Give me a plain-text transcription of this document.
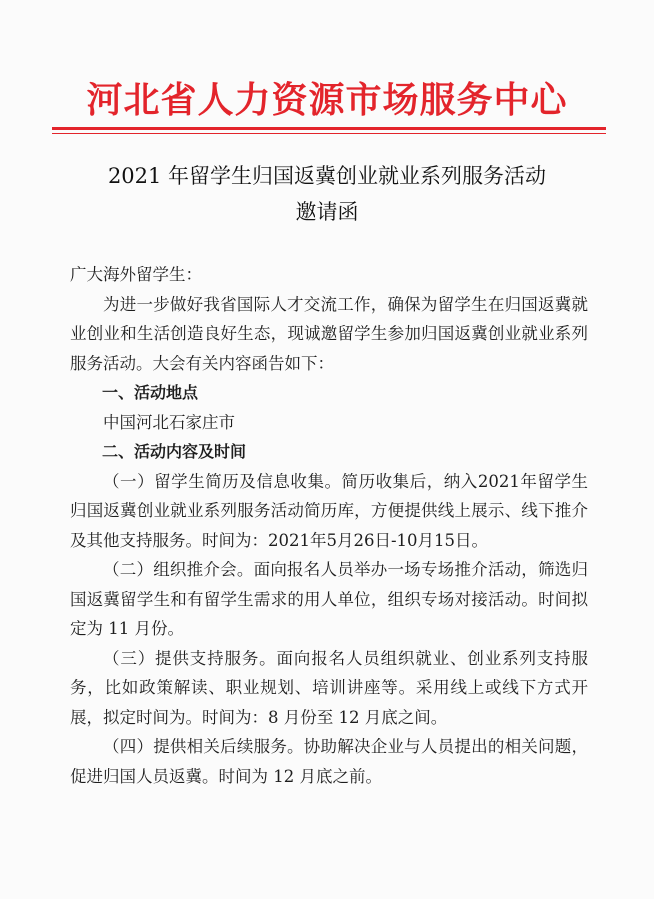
河北省人力资源市场服务中心
2021 年留学生归国返冀创业就业系列服务活动
邀请函

广大海外留学生：

为进一步做好我省国际人才交流工作，确保为留学生在归国返冀就业创业和生活创造良好生态，现诚邀留学生参加归国返冀创业就业系列服务活动。大会有关内容函告如下：

一、活动地点

中国河北石家庄市

二、活动内容及时间

（一）留学生简历及信息收集。简历收集后，纳入2021年留学生归国返冀创业就业系列服务活动简历库，方便提供线上展示、线下推介及其他支持服务。时间为：2021年5月26日-10月15日。

（二）组织推介会。面向报名人员举办一场专场推介活动，筛选归国返冀留学生和有留学生需求的用人单位，组织专场对接活动。时间拟定为 11 月份。

（三）提供支持服务。面向报名人员组织就业、创业系列支持服务，比如政策解读、职业规划、培训讲座等。采用线上或线下方式开展，拟定时间为。时间为：8 月份至 12 月底之间。

（四）提供相关后续服务。协助解决企业与人员提出的相关问题，促进归国人员返冀。时间为 12 月底之前。
